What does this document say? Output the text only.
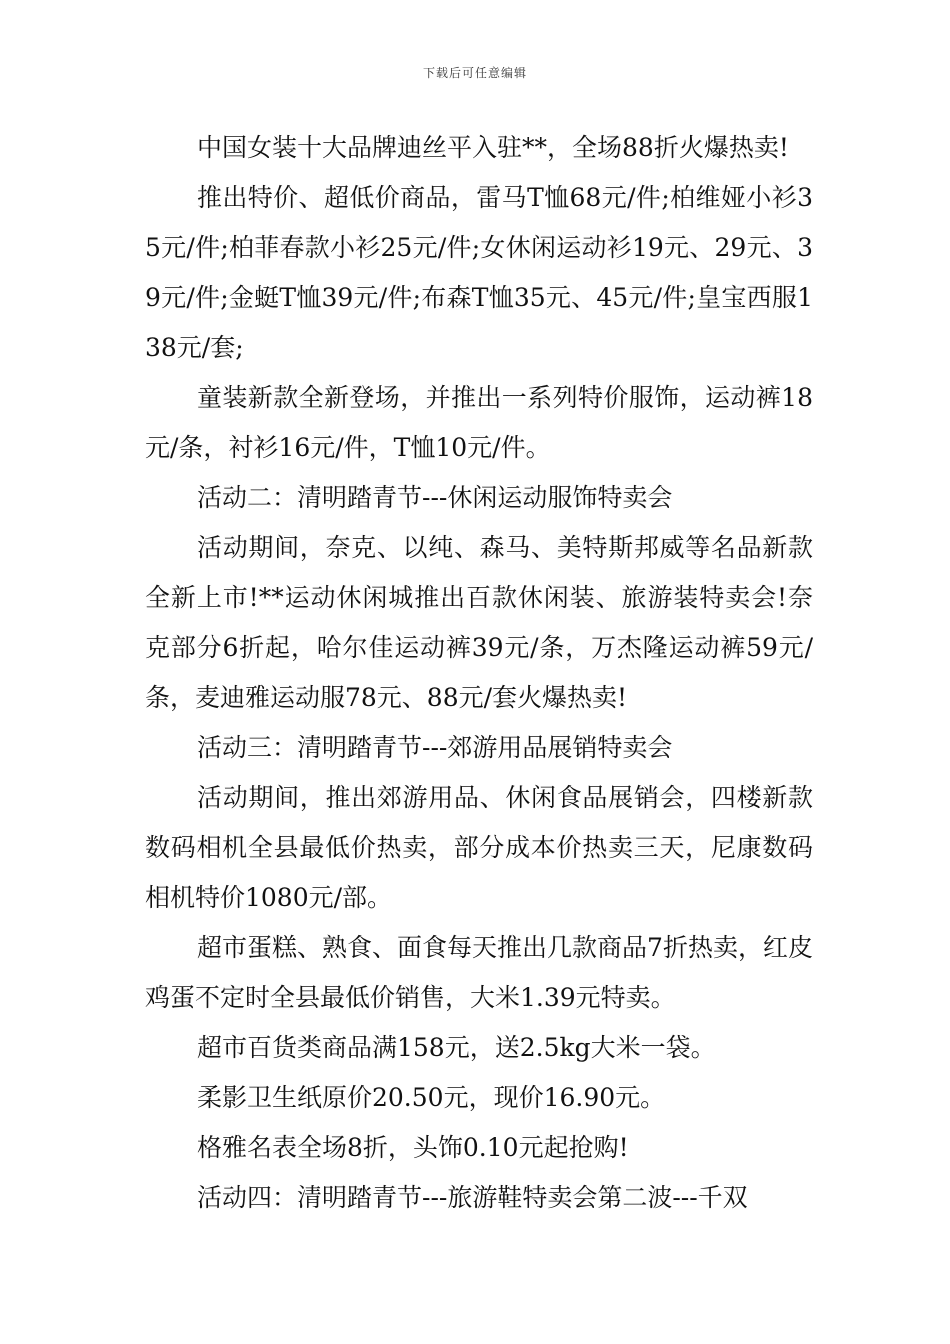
下载后可任意编辑

中国女装十大品牌迪丝平入驻**，全场88折火爆热卖!

推出特价、超低价商品，雷马T恤68元/件;柏维娅小衫35元/件;柏菲春款小衫25元/件;女休闲运动衫19元、29元、39元/件;金蜓T恤39元/件;布森T恤35元、45元/件;皇宝西服138元/套;

童装新款全新登场，并推出一系列特价服饰，运动裤18元/条，衬衫16元/件，T恤10元/件。

活动二：清明踏青节---休闲运动服饰特卖会

活动期间，奈克、以纯、森马、美特斯邦威等名品新款全新上市!**运动休闲城推出百款休闲装、旅游装特卖会!奈克部分6折起，哈尔佳运动裤39元/条，万杰隆运动裤59元/条，麦迪雅运动服78元、88元/套火爆热卖!

活动三：清明踏青节---郊游用品展销特卖会

活动期间，推出郊游用品、休闲食品展销会，四楼新款数码相机全县最低价热卖，部分成本价热卖三天，尼康数码相机特价1080元/部。

超市蛋糕、熟食、面食每天推出几款商品7折热卖，红皮鸡蛋不定时全县最低价销售，大米1.39元特卖。

超市百货类商品满158元，送2.5kg大米一袋。

柔影卫生纸原价20.50元，现价16.90元。

格雅名表全场8折，头饰0.10元起抢购!

活动四：清明踏青节---旅游鞋特卖会第二波---千双
